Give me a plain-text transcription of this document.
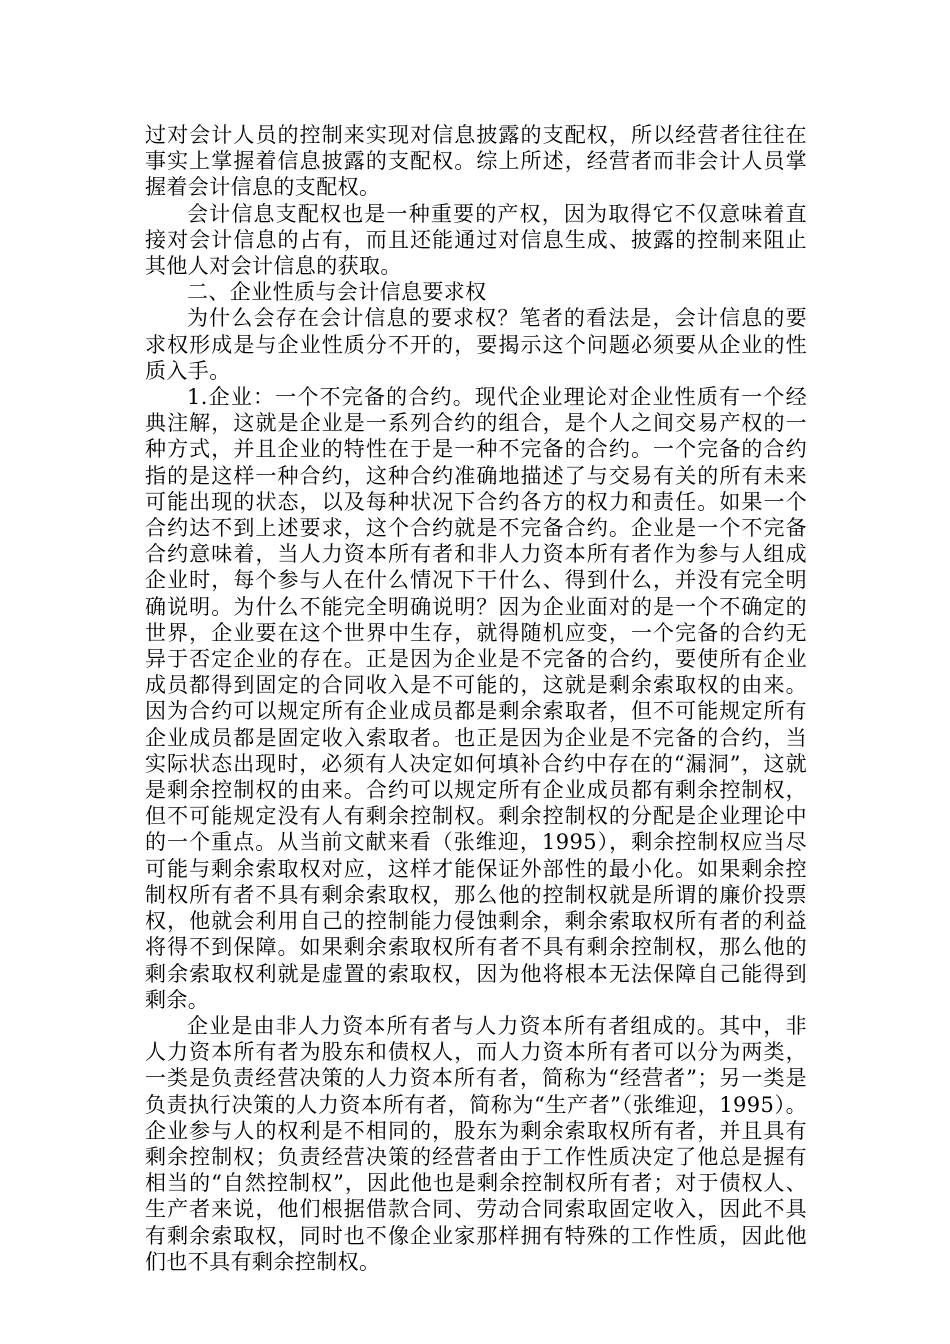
过对会计人员的控制来实现对信息披露的支配权，所以经营者往往在事实上掌握着信息披露的支配权。综上所述，经营者而非会计人员掌握着会计信息的支配权。

会计信息支配权也是一种重要的产权，因为取得它不仅意味着直接对会计信息的占有，而且还能通过对信息生成、披露的控制来阻止其他人对会计信息的获取。

二、企业性质与会计信息要求权

为什么会存在会计信息的要求权？笔者的看法是，会计信息的要求权形成是与企业性质分不开的，要揭示这个问题必须要从企业的性质入手。

1.企业：一个不完备的合约。现代企业理论对企业性质有一个经典注解，这就是企业是一系列合约的组合，是个人之间交易产权的一种方式，并且企业的特性在于是一种不完备的合约。一个完备的合约指的是这样一种合约，这种合约准确地描述了与交易有关的所有未来可能出现的状态，以及每种状况下合约各方的权力和责任。如果一个合约达不到上述要求，这个合约就是不完备合约。企业是一个不完备合约意味着，当人力资本所有者和非人力资本所有者作为参与人组成企业时，每个参与人在什么情况下干什么、得到什么，并没有完全明确说明。为什么不能完全明确说明？因为企业面对的是一个不确定的世界，企业要在这个世界中生存，就得随机应变，一个完备的合约无异于否定企业的存在。正是因为企业是不完备的合约，要使所有企业成员都得到固定的合同收入是不可能的，这就是剩余索取权的由来。因为合约可以规定所有企业成员都是剩余索取者，但不可能规定所有企业成员都是固定收入索取者。也正是因为企业是不完备的合约，当实际状态出现时，必须有人决定如何填补合约中存在的“漏洞”，这就是剩余控制权的由来。合约可以规定所有企业成员都有剩余控制权，但不可能规定没有人有剩余控制权。剩余控制权的分配是企业理论中的一个重点。从当前文献来看（张维迎，1995），剩余控制权应当尽可能与剩余索取权对应，这样才能保证外部性的最小化。如果剩余控制权所有者不具有剩余索取权，那么他的控制权就是所谓的廉价投票权，他就会利用自己的控制能力侵蚀剩余，剩余索取权所有者的利益将得不到保障。如果剩余索取权所有者不具有剩余控制权，那么他的剩余索取权利就是虚置的索取权，因为他将根本无法保障自己能得到剩余。

企业是由非人力资本所有者与人力资本所有者组成的。其中，非人力资本所有者为股东和债权人，而人力资本所有者可以分为两类，一类是负责经营决策的人力资本所有者，简称为“经营者”；另一类是负责执行决策的人力资本所有者，简称为“生产者”（张维迎，1995）。企业参与人的权利是不相同的，股东为剩余索取权所有者，并且具有剩余控制权；负责经营决策的经营者由于工作性质决定了他总是握有相当的“自然控制权”，因此他也是剩余控制权所有者；对于债权人、生产者来说，他们根据借款合同、劳动合同索取固定收入，因此不具有剩余索取权，同时也不像企业家那样拥有特殊的工作性质，因此他们也不具有剩余控制权。
